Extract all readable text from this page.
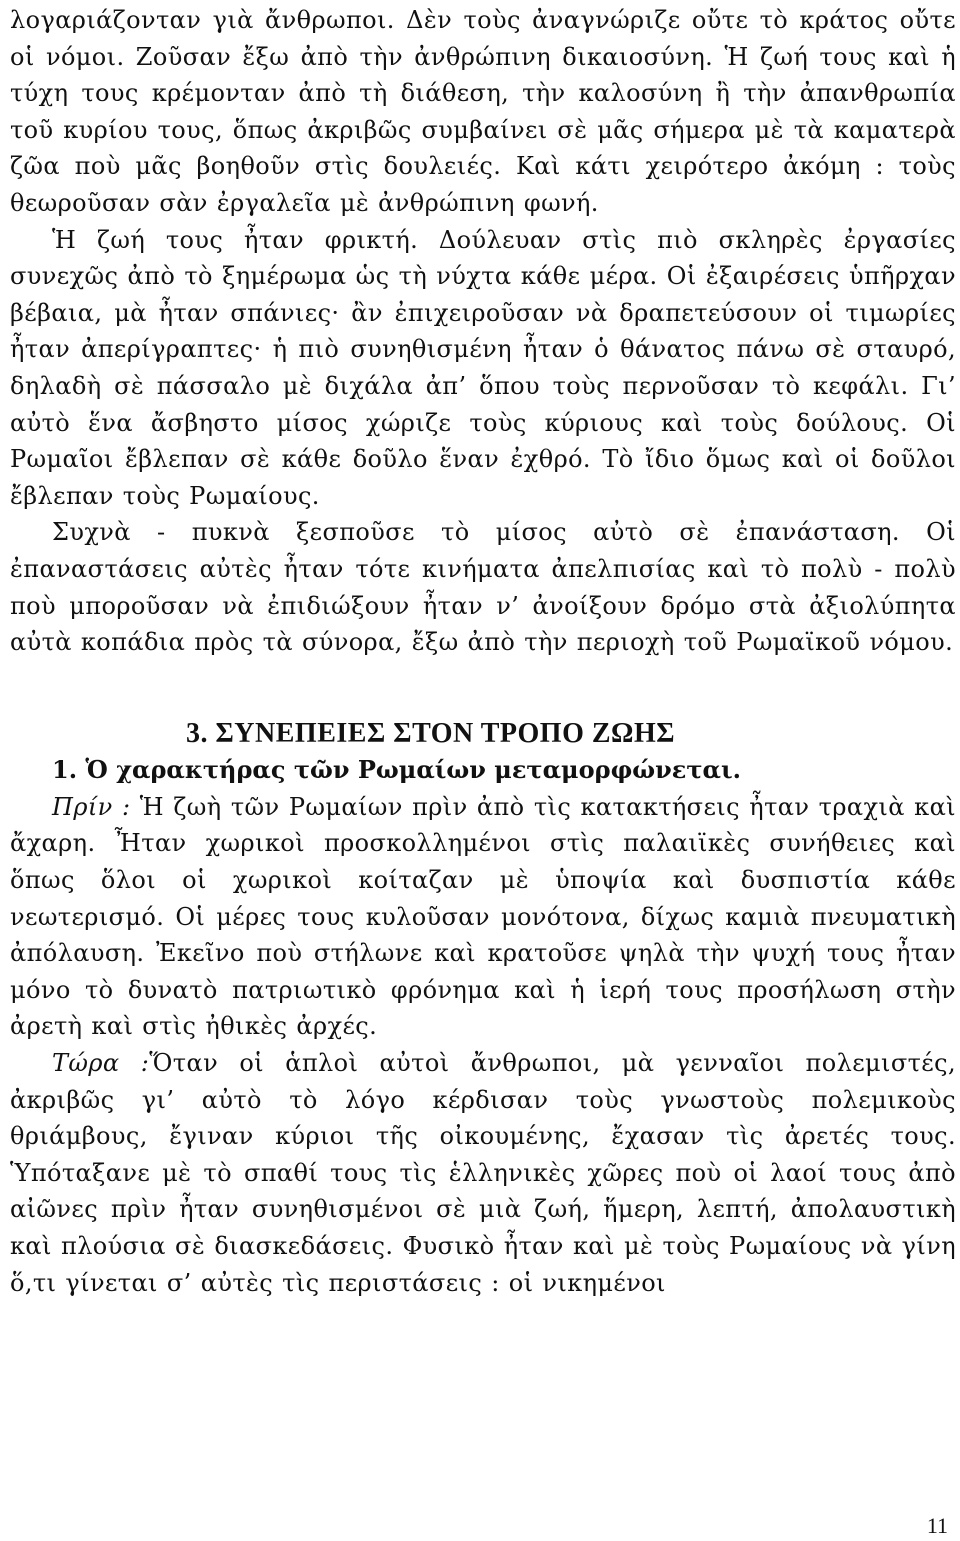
λογαριάζονταν γιὰ ἄνθρωποι. Δὲν τοὺς ἀναγνώριζε οὔτε τὸ κράτος οὔτε οἱ νόμοι. Ζοῦσαν ἔξω ἀπὸ τὴν ἀνθρώπινη δικαιοσύνη. Ἡ ζωή τους καὶ ἡ τύχη τους κρέμονταν ἀπὸ τὴ διάθεση, τὴν καλοσύνη ἢ τὴν ἀπανθρωπία τοῦ κυρίου τους, ὅπως ἀκριβῶς συμβαίνει σὲ μᾶς σήμερα μὲ τὰ καματερὰ ζῶα ποὺ μᾶς βοηθοῦν στὶς δουλειές. Καὶ κάτι χειρότερο ἀκόμη : τοὺς θεωροῦσαν σὰν ἐργαλεῖα μὲ ἀνθρώπινη φωνή.

Ἡ ζωή τους ἦταν φρικτή. Δούλευαν στὶς πιὸ σκληρὲς ἐργασίες συνεχῶς ἀπὸ τὸ ξημέρωμα ὡς τὴ νύχτα κάθε μέρα. Οἱ ἐξαιρέσεις ὑπῆρχαν βέβαια, μὰ ἦταν σπάνιες· ἂν ἐπιχειροῦσαν νὰ δραπετεύσουν οἱ τιμωρίες ἦταν ἀπερίγραπτες· ἡ πιὸ συνηθισμένη ἦταν ὁ θάνατος πάνω σὲ σταυρό, δηλαδὴ σὲ πάσσαλο μὲ διχάλα ἀπ’ ὅπου τοὺς περνοῦσαν τὸ κεφάλι. Γι’ αὐτὸ ἕνα ἄσβηστο μίσος χώριζε τοὺς κύριους καὶ τοὺς δούλους. Οἱ Ρωμαῖοι ἔβλεπαν σὲ κάθε δοῦλο ἕναν ἐχθρό. Τὸ ἴδιο ὅμως καὶ οἱ δοῦλοι ἔβλεπαν τοὺς Ρωμαίους.

Συχνὰ - πυκνὰ ξεσποῦσε τὸ μίσος αὐτὸ σὲ ἐπανάσταση. Οἱ ἐπαναστάσεις αὐτὲς ἦταν τότε κινήματα ἀπελπισίας καὶ τὸ πολὺ - πολὺ ποὺ μποροῦσαν νὰ ἐπιδιώξουν ἦταν ν’ ἀνοίξουν δρόμο στὰ ἀξιολύπητα αὐτὰ κοπάδια πρὸς τὰ σύνορα, ἔξω ἀπὸ τὴν περιοχὴ τοῦ Ρωμαϊκοῦ νόμου.

3. ΣΥΝΕΠΕΙΕΣ ΣΤΟΝ ΤΡΟΠΟ ΖΩΗΣ
1. Ὁ χαρακτήρας τῶν Ρωμαίων μεταμορφώνεται.

Πρίν : Ἡ ζωὴ τῶν Ρωμαίων πρὶν ἀπὸ τὶς κατακτήσεις ἦταν τραχιὰ καὶ ἄχαρη. Ἦταν χωρικοὶ προσκολλημένοι στὶς παλαιϊκὲς συνήθειες καὶ ὅπως ὅλοι οἱ χωρικοὶ κοίταζαν μὲ ὑποψία καὶ δυσπιστία κάθε νεωτερισμό. Οἱ μέρες τους κυλοῦσαν μονότονα, δίχως καμιὰ πνευματικὴ ἀπόλαυση. Ἐκεῖνο ποὺ στήλωνε καὶ κρατοῦσε ψηλὰ τὴν ψυχή τους ἦταν μόνο τὸ δυνατὸ πατριωτικὸ φρόνημα καὶ ἡ ἱερή τους προσήλωση στὴν ἀρετὴ καὶ στὶς ἠθικὲς ἀρχές.

Τώρα :Ὅταν οἱ ἁπλοὶ αὐτοὶ ἄνθρωποι, μὰ γενναῖοι πολεμιστές, ἀκριβῶς γι’ αὐτὸ τὸ λόγο κέρδισαν τοὺς γνωστοὺς πολεμικοὺς θριάμβους, ἔγιναν κύριοι τῆς οἰκουμένης, ἔχασαν τὶς ἀρετές τους. Ὑπόταξανε μὲ τὸ σπαθί τους τὶς ἑλληνικὲς χῶρες ποὺ οἱ λαοί τους ἀπὸ αἰῶνες πρὶν ἦταν συνηθισμένοι σὲ μιὰ ζωή, ἥμερη, λεπτή, ἀπολαυστικὴ καὶ πλούσια σὲ διασκεδάσεις. Φυσικὸ ἦταν καὶ μὲ τοὺς Ρωμαίους νὰ γίνη ὅ,τι γίνεται σ’ αὐτὲς τὶς περιστάσεις : οἱ νικημένοι

11
